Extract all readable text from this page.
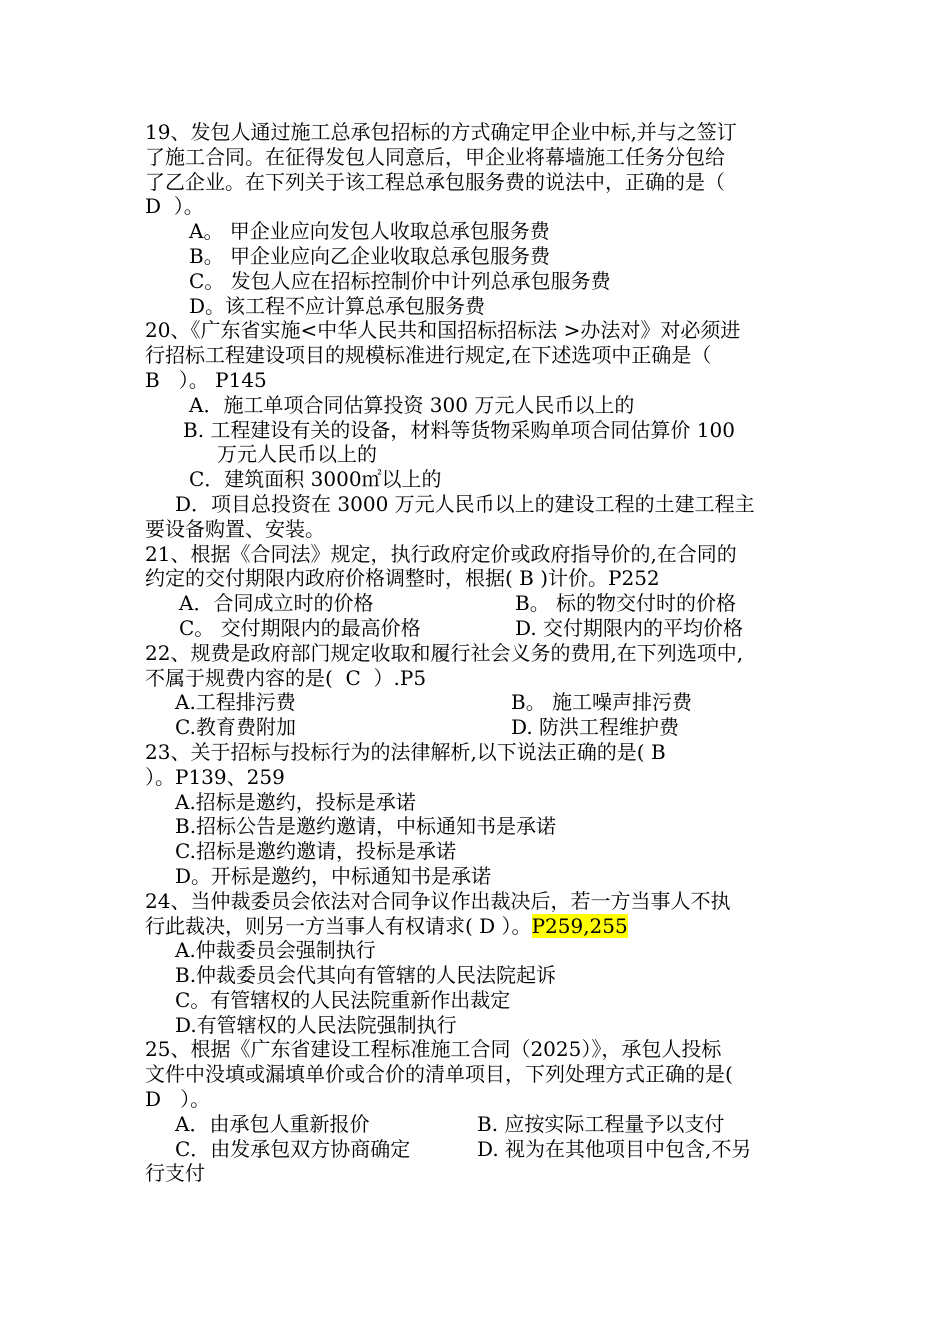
19、发包人通过施工总承包招标的方式确定甲企业中标,并与之签订
了施工合同。在征得发包人同意后，甲企业将幕墙施工任务分包给
了乙企业。在下列关于该工程总承包服务费的说法中，正确的是（
D  ）。
A。 甲企业应向发包人收取总承包服务费
B。 甲企业应向乙企业收取总承包服务费
C。 发包人应在招标控制价中计列总承包服务费
D。该工程不应计算总承包服务费
20、《广东省实施<中华人民共和国招标招标法 >办法对》对必须进
行招标工程建设项目的规模标准进行规定,在下述选项中正确是（
B   ）。 P145
A．施工单项合同估算投资 300 万元人民币以上的
B. 工程建设有关的设备，材料等货物采购单项合同估算价 100
万元人民币以上的
C．建筑面积 3000㎡以上的
D．项目总投资在 3000 万元人民币以上的建设工程的土建工程主
要设备购置、安装。
21、根据《合同法》规定，执行政府定价或政府指导价的,在合同的
约定的交付期限内政府价格调整时，根据( B )计价。P252
A．合同成立时的价格	B。 标的物交付时的价格
C。 交付期限内的最高价格	D. 交付期限内的平均价格
22、规费是政府部门规定收取和履行社会义务的费用,在下列选项中,
不属于规费内容的是(  C  ）.P5
A.工程排污费	B。 施工噪声排污费
C.教育费附加	D. 防洪工程维护费
23、关于招标与投标行为的法律解析,以下说法正确的是( B
）。P139、259
A.招标是邀约，投标是承诺
B.招标公告是邀约邀请，中标通知书是承诺
C.招标是邀约邀请，投标是承诺
D。开标是邀约，中标通知书是承诺
24、当仲裁委员会依法对合同争议作出裁决后，若一方当事人不执
行此裁决，则另一方当事人有权请求( D ）。P259,255
A.仲裁委员会强制执行
B.仲裁委员会代其向有管辖的人民法院起诉
C。有管辖权的人民法院重新作出裁定
D.有管辖权的人民法院强制执行
25、根据《广东省建设工程标准施工合同（2025）》，承包人投标
文件中没填或漏填单价或合价的清单项目，下列处理方式正确的是(
D   ）。
A．由承包人重新报价	B. 应按实际工程量予以支付
C．由发承包双方协商确定	D. 视为在其他项目中包含,不另
行支付
